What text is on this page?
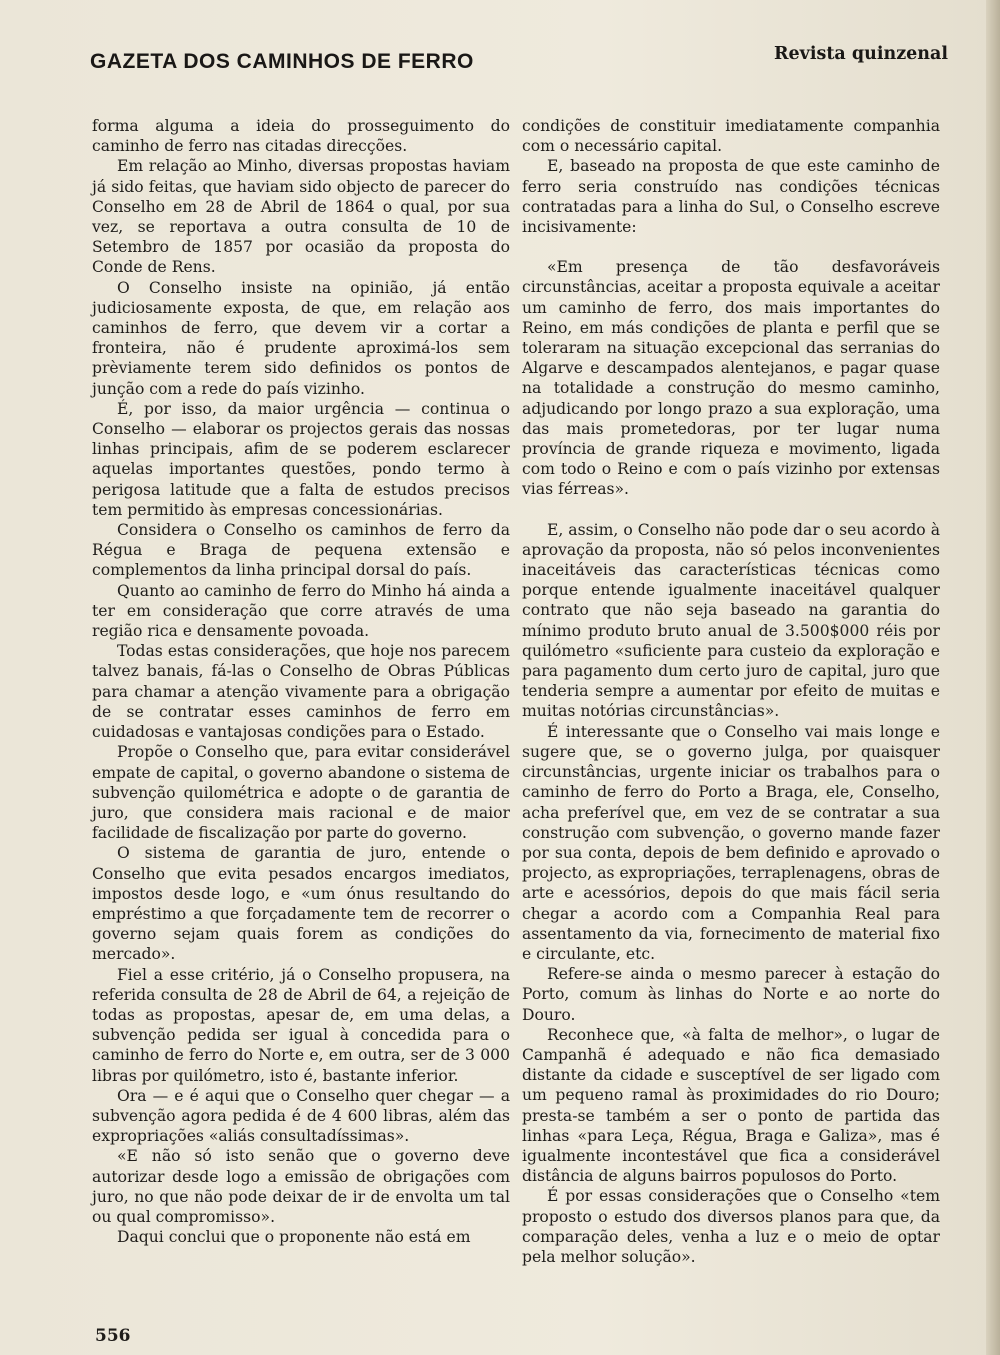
GAZETA DOS CAMINHOS DE FERRO	Revista quinzenal

forma alguma a ideia do prosseguimento do caminho de ferro nas citadas direcções.

Em relação ao Minho, diversas propostas haviam já sido feitas, que haviam sido objecto de parecer do Conselho em 28 de Abril de 1864 o qual, por sua vez, se reportava a outra consulta de 10 de Setembro de 1857 por ocasião da proposta do Conde de Rens.

O Conselho insiste na opinião, já então judiciosamente exposta, de que, em relação aos caminhos de ferro, que devem vir a cortar a fronteira, não é prudente aproximá-los sem prèviamente terem sido definidos os pontos de junção com a rede do país vizinho.

É, por isso, da maior urgência — continua o Conselho — elaborar os projectos gerais das nossas linhas principais, afim de se poderem esclarecer aquelas importantes questões, pondo termo à perigosa latitude que a falta de estudos precisos tem permitido às empresas concessionárias.

Considera o Conselho os caminhos de ferro da Régua e Braga de pequena extensão e complementos da linha principal dorsal do país.

Quanto ao caminho de ferro do Minho há ainda a ter em consideração que corre através de uma região rica e densamente povoada.

Todas estas considerações, que hoje nos parecem talvez banais, fá-las o Conselho de Obras Públicas para chamar a atenção vivamente para a obrigação de se contratar esses caminhos de ferro em cuidadosas e vantajosas condições para o Estado.

Propõe o Conselho que, para evitar considerável empate de capital, o governo abandone o sistema de subvenção quilométrica e adopte o de garantia de juro, que considera mais racional e de maior facilidade de fiscalização por parte do governo.

O sistema de garantia de juro, entende o Conselho que evita pesados encargos imediatos, impostos desde logo, e «um ónus resultando do empréstimo a que forçadamente tem de recorrer o governo sejam quais forem as condições do mercado».

Fiel a esse critério, já o Conselho propusera, na referida consulta de 28 de Abril de 64, a rejeição de todas as propostas, apesar de, em uma delas, a subvenção pedida ser igual à concedida para o caminho de ferro do Norte e, em outra, ser de 3 000 libras por quilómetro, isto é, bastante inferior.

Ora — e é aqui que o Conselho quer chegar — a subvenção agora pedida é de 4 600 libras, além das expropriações «aliás consultadíssimas».

«E não só isto senão que o governo deve autorizar desde logo a emissão de obrigações com juro, no que não pode deixar de ir de envolta um tal ou qual compromisso».

Daqui conclui que o proponente não está em

condições de constituir imediatamente companhia com o necessário capital.

E, baseado na proposta de que este caminho de ferro seria construído nas condições técnicas contratadas para a linha do Sul, o Conselho escreve incisivamente:

«Em presença de tão desfavoráveis circunstâncias, aceitar a proposta equivale a aceitar um caminho de ferro, dos mais importantes do Reino, em más condições de planta e perfil que se toleraram na situação excepcional das serranias do Algarve e descampados alentejanos, e pagar quase na totalidade a construção do mesmo caminho, adjudicando por longo prazo a sua exploração, uma das mais prometedoras, por ter lugar numa província de grande riqueza e movimento, ligada com todo o Reino e com o país vizinho por extensas vias férreas».

E, assim, o Conselho não pode dar o seu acordo à aprovação da proposta, não só pelos inconvenientes inaceitáveis das características técnicas como porque entende igualmente inaceitável qualquer contrato que não seja baseado na garantia do mínimo produto bruto anual de 3.500$000 réis por quilómetro «suficiente para custeio da exploração e para pagamento dum certo juro de capital, juro que tenderia sempre a aumentar por efeito de muitas e muitas notórias circunstâncias».

É interessante que o Conselho vai mais longe e sugere que, se o governo julga, por quaisquer circunstâncias, urgente iniciar os trabalhos para o caminho de ferro do Porto a Braga, ele, Conselho, acha preferível que, em vez de se contratar a sua construção com subvenção, o governo mande fazer por sua conta, depois de bem definido e aprovado o projecto, as expropriações, terraplenagens, obras de arte e acessórios, depois do que mais fácil seria chegar a acordo com a Companhia Real para assentamento da via, fornecimento de material fixo e circulante, etc.

Refere-se ainda o mesmo parecer à estação do Porto, comum às linhas do Norte e ao norte do Douro.

Reconhece que, «à falta de melhor», o lugar de Campanhã é adequado e não fica demasiado distante da cidade e susceptível de ser ligado com um pequeno ramal às proximidades do rio Douro; presta-se também a ser o ponto de partida das linhas «para Leça, Régua, Braga e Galiza», mas é igualmente incontestável que fica a considerável distância de alguns bairros populosos do Porto.

É por essas considerações que o Conselho «tem proposto o estudo dos diversos planos para que, da comparação deles, venha a luz e o meio de optar pela melhor solução».

556
